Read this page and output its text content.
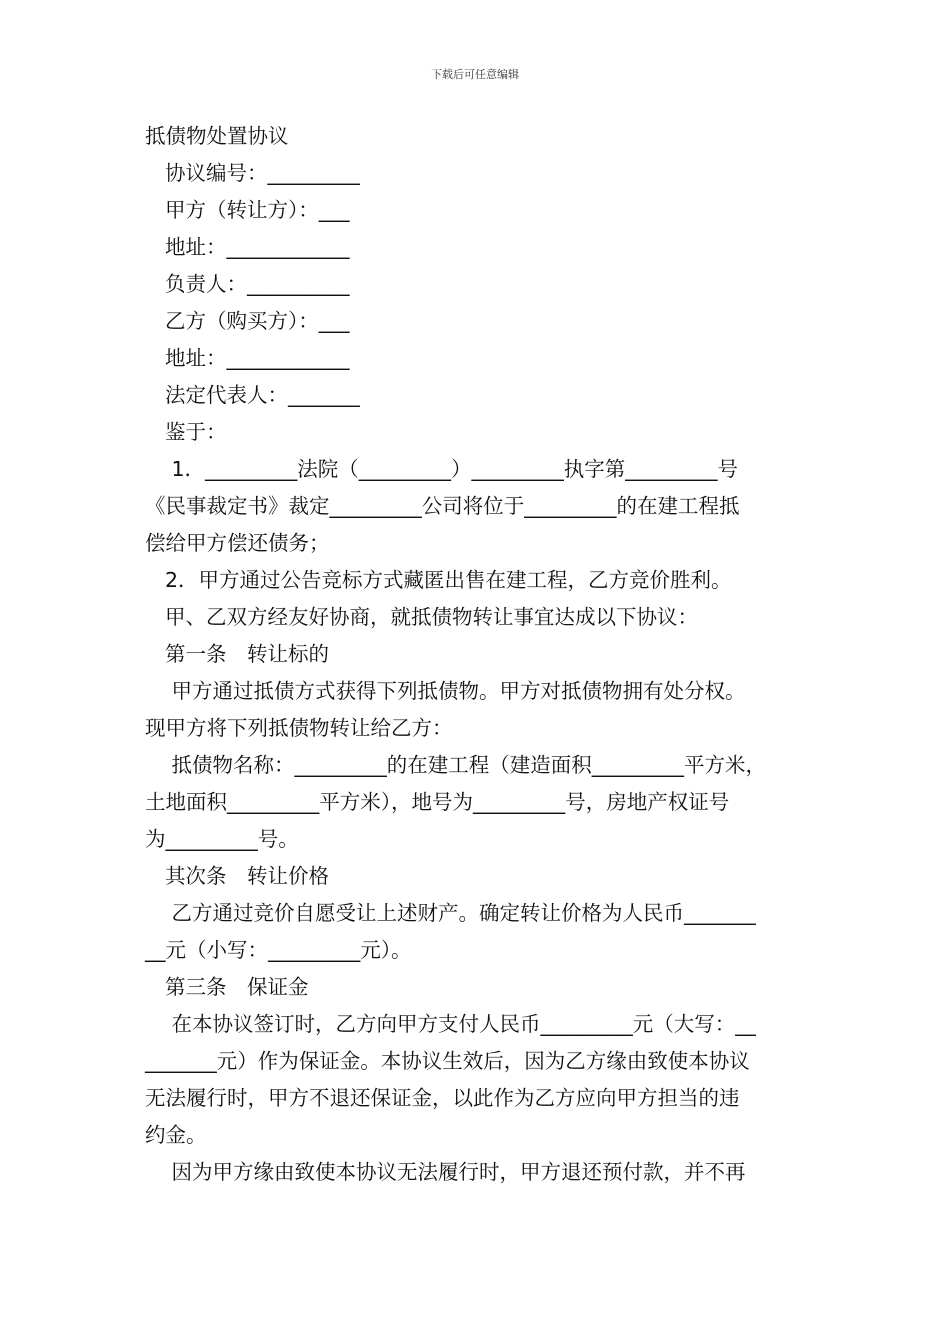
下载后可任意编辑

抵债物处置协议

协议编号：_________

甲方（转让方）：___

地址：____________

负责人：__________

乙方（购买方）：___

地址：____________

法定代表人：_______

鉴于：

1．_________法院（_________）_________执字第_________号

《民事裁定书》裁定_________公司将位于_________的在建工程抵

偿给甲方偿还债务；

2．甲方通过公告竞标方式藏匿出售在建工程，乙方竞价胜利。

甲、乙双方经友好协商，就抵债物转让事宜达成以下协议：

第一条　转让标的

甲方通过抵债方式获得下列抵债物。甲方对抵债物拥有处分权。

现甲方将下列抵债物转让给乙方：

抵债物名称：_________的在建工程（建造面积_________平方米，

土地面积_________平方米），地号为_________号，房地产权证号

为_________号。

其次条　转让价格

乙方通过竞价自愿受让上述财产。确定转让价格为人民币_______

__元（小写：_________元）。

第三条　保证金

在本协议签订时，乙方向甲方支付人民币_________元（大写：__

_______元）作为保证金。本协议生效后，因为乙方缘由致使本协议

无法履行时，甲方不退还保证金，以此作为乙方应向甲方担当的违

约金。

因为甲方缘由致使本协议无法履行时，甲方退还预付款，并不再
